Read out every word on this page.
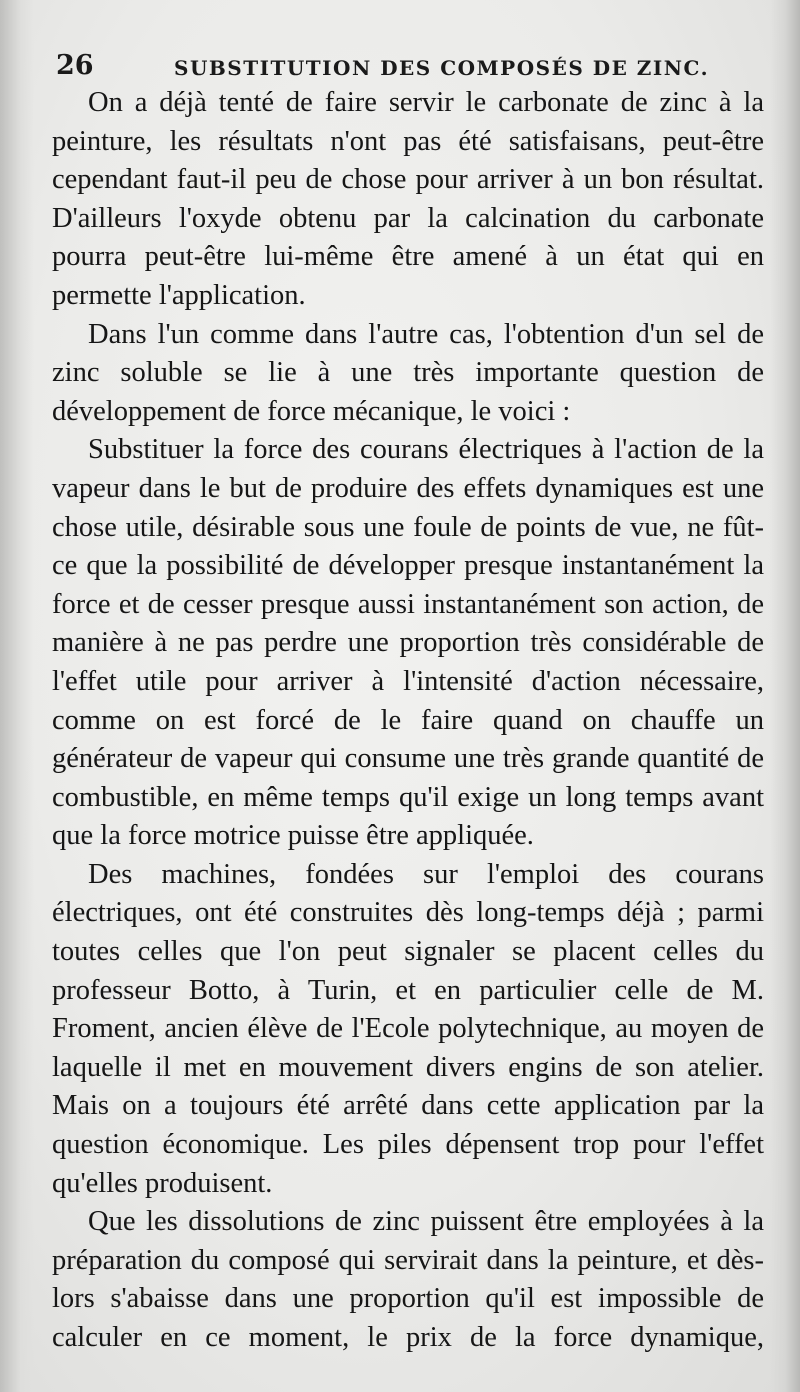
26	SUBSTITUTION DES COMPOSÉS DE ZINC.

On a déjà tenté de faire servir le carbonate de zinc à la peinture, les résultats n'ont pas été satisfaisans, peut-être cependant faut-il peu de chose pour arriver à un bon résultat. D'ailleurs l'oxyde obtenu par la calcination du carbonate pourra peut-être lui-même être amené à un état qui en permette l'application.

Dans l'un comme dans l'autre cas, l'obtention d'un sel de zinc soluble se lie à une très importante question de développement de force mécanique, le voici :

Substituer la force des courans électriques à l'action de la vapeur dans le but de produire des effets dynamiques est une chose utile, désirable sous une foule de points de vue, ne fût-ce que la possibilité de développer presque instantanément la force et de cesser presque aussi instantanément son action, de manière à ne pas perdre une proportion très considérable de l'effet utile pour arriver à l'intensité d'action nécessaire, comme on est forcé de le faire quand on chauffe un générateur de vapeur qui consume une très grande quantité de combustible, en même temps qu'il exige un long temps avant que la force motrice puisse être appliquée.

Des machines, fondées sur l'emploi des courans électriques, ont été construites dès long-temps déjà ; parmi toutes celles que l'on peut signaler se placent celles du professeur Botto, à Turin, et en particulier celle de M. Froment, ancien élève de l'Ecole polytechnique, au moyen de laquelle il met en mouvement divers engins de son atelier. Mais on a toujours été arrêté dans cette application par la question économique. Les piles dépensent trop pour l'effet qu'elles produisent.

Que les dissolutions de zinc puissent être employées à la préparation du composé qui servirait dans la peinture, et dès-lors s'abaisse dans une proportion qu'il est impossible de calculer en ce moment, le prix de la force dynamique,
